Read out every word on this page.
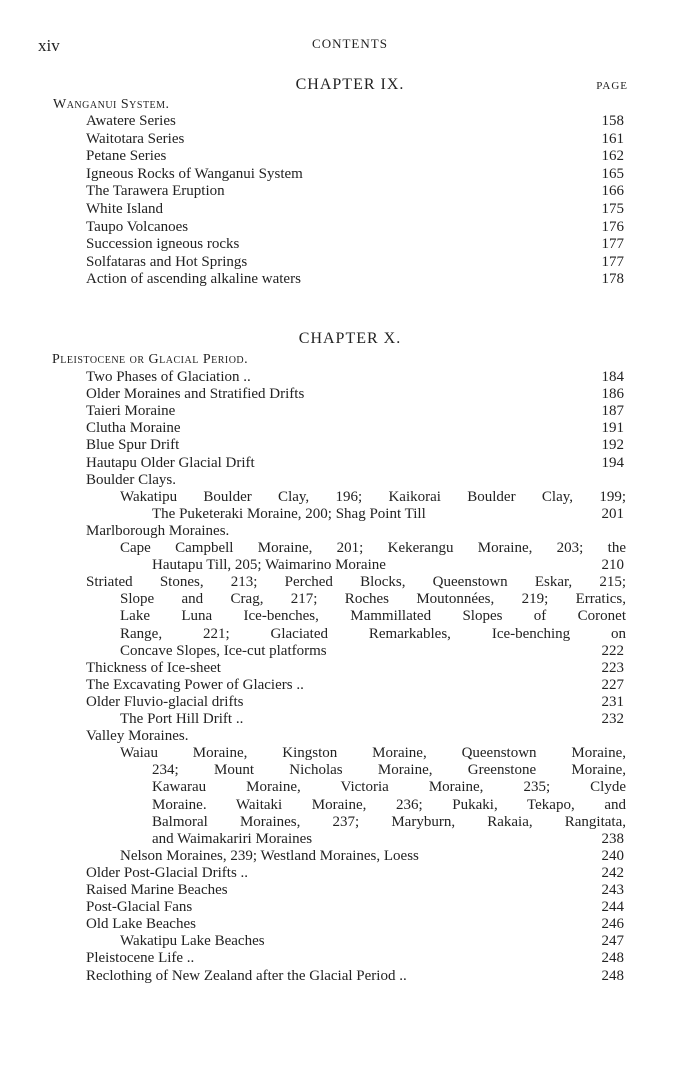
xiv	CONTENTS
CHAPTER IX.	PAGE
Wanganui System.
Awatere Series	158
Waitotara Series	161
Petane Series	162
Igneous Rocks of Wanganui System	165
The Tarawera Eruption	166
White Island	175
Taupo Volcanoes	176
Succession igneous rocks	177
Solfataras and Hot Springs	177
Action of ascending alkaline waters	178
CHAPTER X.
Pleistocene or Glacial Period.
Two Phases of Glaciation ..	184
Older Moraines and Stratified Drifts	186
Taieri Moraine	187
Clutha Moraine	191
Blue Spur Drift	192
Hautapu Older Glacial Drift	194
Boulder Clays.
Wakatipu Boulder Clay, 196; Kaikorai Boulder Clay, 199;
The Puketeraki Moraine, 200; Shag Point Till	201
Marlborough Moraines.
Cape Campbell Moraine, 201; Kekerangu Moraine, 203; the
Hautapu Till, 205; Waimarino Moraine	210
Striated Stones, 213; Perched Blocks, Queenstown Eskar, 215;
Slope and Crag, 217; Roches Moutonnées, 219; Erratics,
Lake Luna Ice-benches, Mammillated Slopes of Coronet
Range, 221; Glaciated Remarkables, Ice-benching on
Concave Slopes, Ice-cut platforms	222
Thickness of Ice-sheet	223
The Excavating Power of Glaciers ..	227
Older Fluvio-glacial drifts	231
The Port Hill Drift ..	232
Valley Moraines.
Waiau Moraine, Kingston Moraine, Queenstown Moraine,
234; Mount Nicholas Moraine, Greenstone Moraine,
Kawarau Moraine, Victoria Moraine, 235; Clyde
Moraine. Waitaki Moraine, 236; Pukaki, Tekapo, and
Balmoral Moraines, 237; Maryburn, Rakaia, Rangitata,
and Waimakariri Moraines	238
Nelson Moraines, 239; Westland Moraines, Loess	240
Older Post-Glacial Drifts ..	242
Raised Marine Beaches	243
Post-Glacial Fans	244
Old Lake Beaches	246
Wakatipu Lake Beaches	247
Pleistocene Life ..	248
Reclothing of New Zealand after the Glacial Period ..	248
